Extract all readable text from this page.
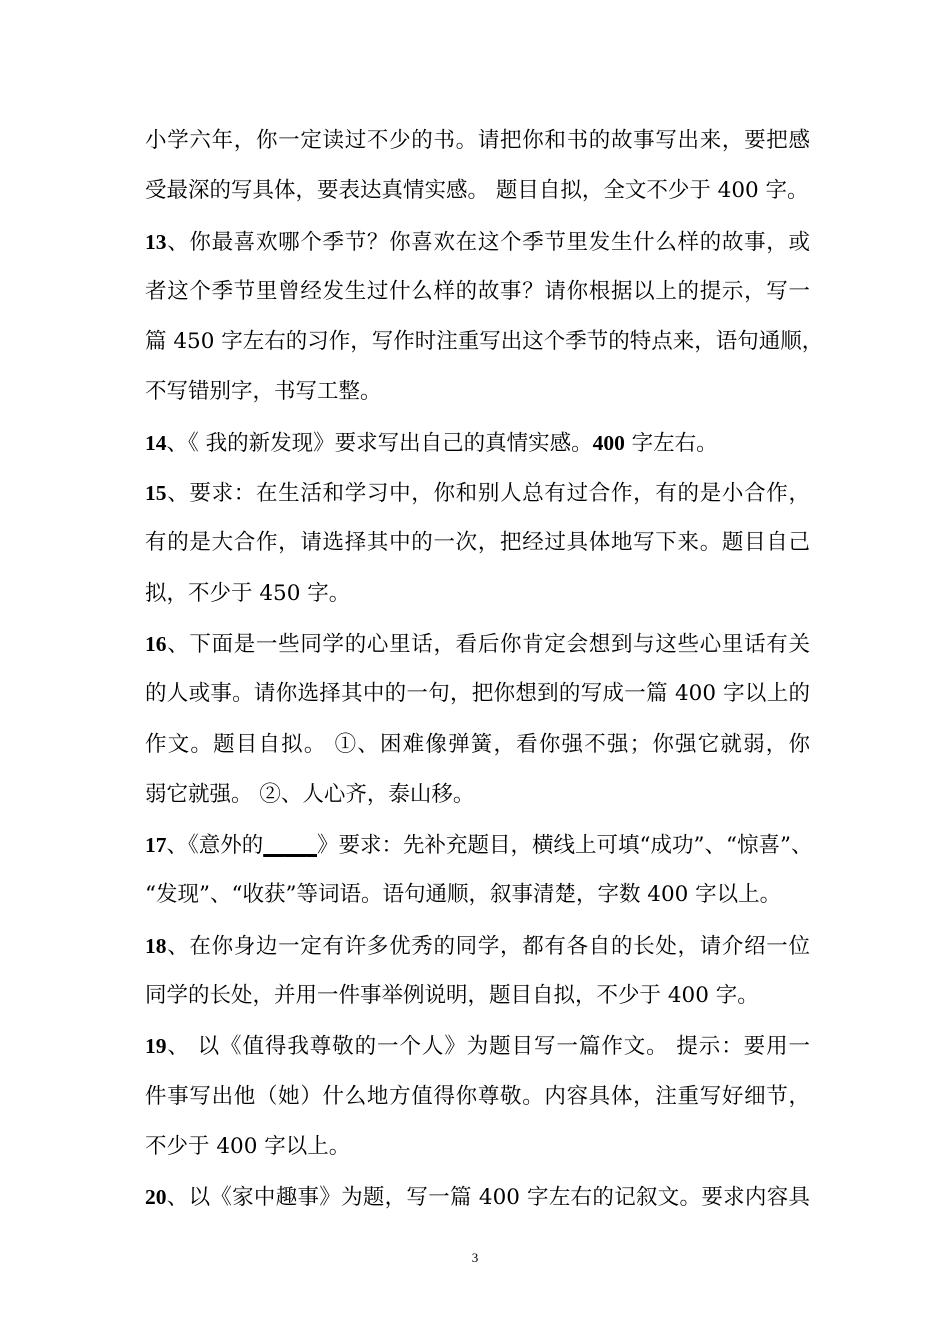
小学六年，你一定读过不少的书。请把你和书的故事写出来，要把感
受最深的写具体，要表达真情实感。 题目自拟，全文不少于 400 字。
13、你最喜欢哪个季节？你喜欢在这个季节里发生什么样的故事，或
者这个季节里曾经发生过什么样的故事？请你根据以上的提示，写一
篇 450 字左右的习作，写作时注重写出这个季节的特点来，语句通顺，
不写错别字，书写工整。
14、《 我的新发现》要求写出自己的真情实感。400 字左右。
15、要求：在生活和学习中，你和别人总有过合作，有的是小合作，
有的是大合作，请选择其中的一次，把经过具体地写下来。题目自己
拟，不少于 450 字。
16、下面是一些同学的心里话，看后你肯定会想到与这些心里话有关
的人或事。请你选择其中的一句，把你想到的写成一篇 400 字以上的
作文。题目自拟。 ①、困难像弹簧，看你强不强；你强它就弱，你
弱它就强。 ②、人心齐，泰山移。
17、《意外的_____》要求：先补充题目，横线上可填“成功”、“惊喜”、
“发现”、“收获”等词语。语句通顺，叙事清楚，字数 400 字以上。
18、在你身边一定有许多优秀的同学，都有各自的长处，请介绍一位
同学的长处，并用一件事举例说明，题目自拟，不少于 400 字。
19、 以《值得我尊敬的一个人》为题目写一篇作文。 提示：要用一
件事写出他（她）什么地方值得你尊敬。内容具体，注重写好细节，
不少于 400 字以上。
20、以《家中趣事》为题，写一篇 400 字左右的记叙文。要求内容具
3
